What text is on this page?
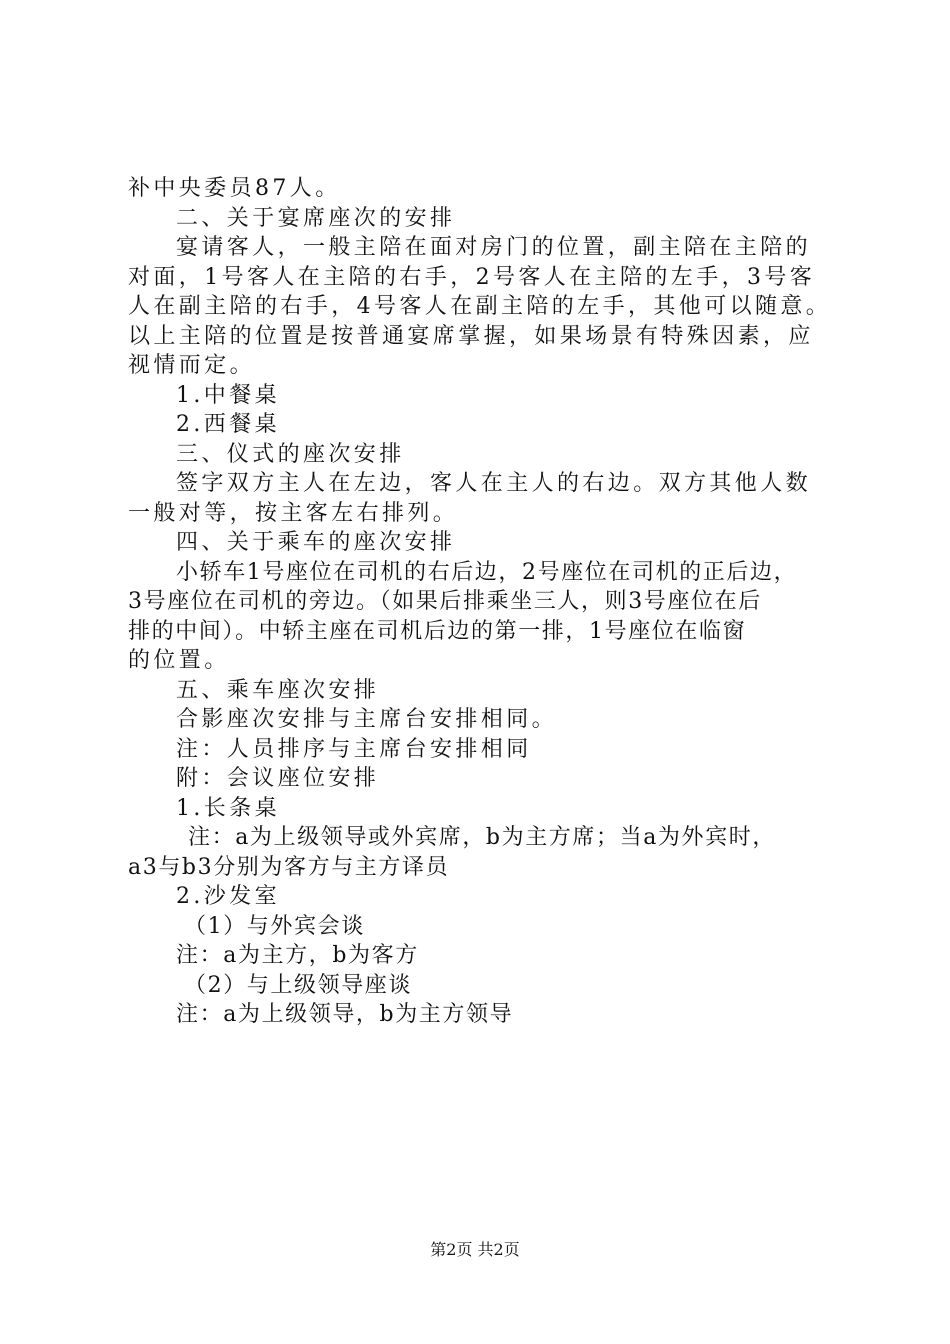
补中央委员87人。
二、关于宴席座次的安排
宴请客人，一般主陪在面对房门的位置，副主陪在主陪的
对面，1号客人在主陪的右手，2号客人在主陪的左手，3号客
人在副主陪的右手，4号客人在副主陪的左手，其他可以随意。
以上主陪的位置是按普通宴席掌握，如果场景有特殊因素，应
视情而定。
1.中餐桌
2.西餐桌
三、仪式的座次安排
签字双方主人在左边，客人在主人的右边。双方其他人数
一般对等，按主客左右排列。
四、关于乘车的座次安排
小轿车1号座位在司机的右后边，2号座位在司机的正后边，
3号座位在司机的旁边。（如果后排乘坐三人，则3号座位在后
排的中间）。中轿主座在司机后边的第一排，1号座位在临窗
的位置。
五、乘车座次安排
合影座次安排与主席台安排相同。
注：人员排序与主席台安排相同
附：会议座位安排
1.长条桌
注：a为上级领导或外宾席，b为主方席；当a为外宾时，
a3与b3分别为客方与主方译员
2.沙发室
（1）与外宾会谈
注：a为主方，b为客方
（2）与上级领导座谈
注：a为上级领导，b为主方领导
第2页 共2页
